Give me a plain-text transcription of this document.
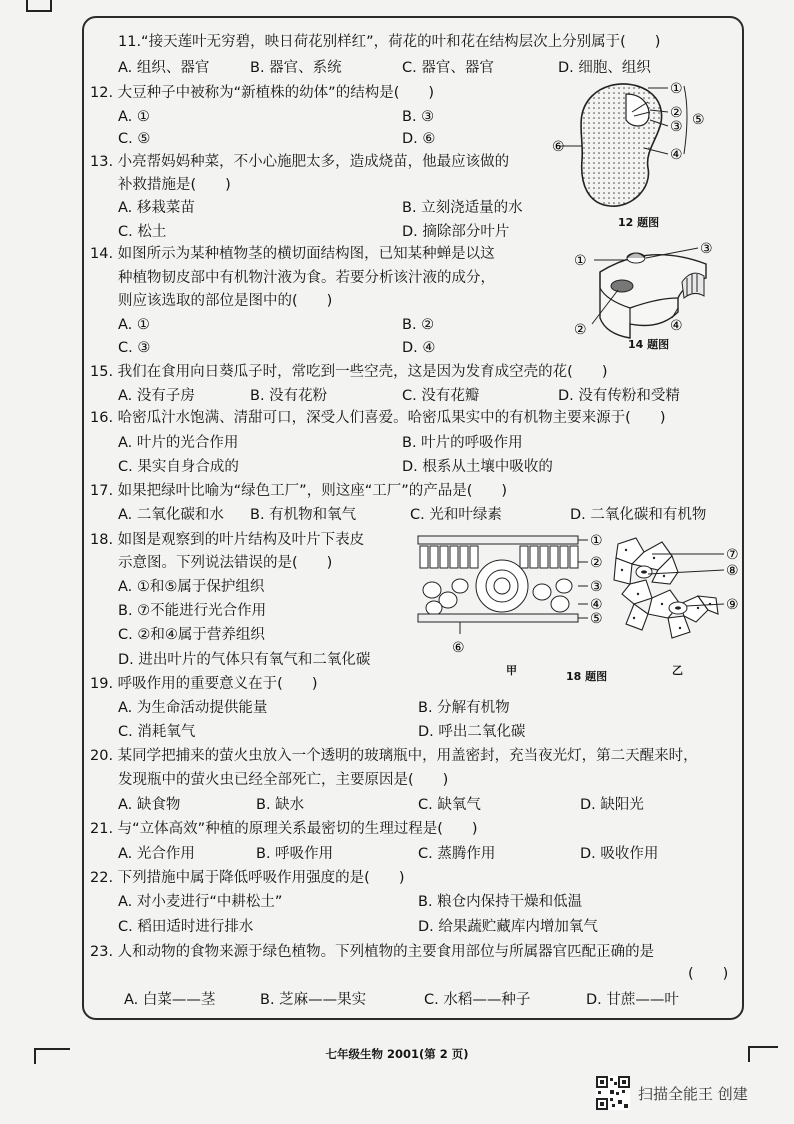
11.“接天莲叶无穷碧，映日荷花别样红”，荷花的叶和花在结构层次上分别属于(　　)
A. 组织、器官	B. 器官、系统	C. 器官、器官	D. 细胞、组织
12. 大豆种子中被称为“新植株的幼体”的结构是(　　)
A. ①	B. ③
C. ⑤	D. ⑥
13. 小亮帮妈妈种菜，不小心施肥太多，造成烧苗，他最应该做的
补救措施是(　　)
A. 移栽菜苗	B. 立刻浇适量的水
C. 松土	D. 摘除部分叶片
14. 如图所示为某种植物茎的横切面结构图，已知某种蝉是以这
种植物韧皮部中有机物汁液为食。若要分析该汁液的成分，
则应该选取的部位是图中的(　　)
A. ①	B. ②
C. ③	D. ④
15. 我们在食用向日葵瓜子时，常吃到一些空壳，这是因为发育成空壳的花(　　)
A. 没有子房	B. 没有花粉	C. 没有花瓣	D. 没有传粉和受精
16. 哈密瓜汁水饱满、清甜可口，深受人们喜爱。哈密瓜果实中的有机物主要来源于(　　)
A. 叶片的光合作用	B. 叶片的呼吸作用
C. 果实自身合成的	D. 根系从土壤中吸收的
17. 如果把绿叶比喻为“绿色工厂”，则这座“工厂”的产品是(　　)
A. 二氧化碳和水 B. 有机物和氧气	C. 光和叶绿素	D. 二氧化碳和有机物
18. 如图是观察到的叶片结构及叶片下表皮
示意图。下列说法错误的是(　　)
A. ①和⑤属于保护组织
B. ⑦不能进行光合作用
C. ②和④属于营养组织
D. 进出叶片的气体只有氧气和二氧化碳
19. 呼吸作用的重要意义在于(　　)
A. 为生命活动提供能量	B. 分解有机物
C. 消耗氧气	D. 呼出二氧化碳
20. 某同学把捕来的萤火虫放入一个透明的玻璃瓶中，用盖密封，充当夜光灯，第二天醒来时，
发现瓶中的萤火虫已经全部死亡，主要原因是(　　)
A. 缺食物	B. 缺水	C. 缺氧气	D. 缺阳光
21. 与“立体高效”种植的原理关系最密切的生理过程是(　　)
A. 光合作用	B. 呼吸作用	C. 蒸腾作用	D. 吸收作用
22. 下列措施中属于降低呼吸作用强度的是(　　)
A. 对小麦进行“中耕松土”	B. 粮仓内保持干燥和低温
C. 稻田适时进行排水	D. 给果蔬贮藏库内增加氧气
23. 人和动物的食物来源于绿色植物。下列植物的主要食用部位与所属器官匹配正确的是
(　　)
A. 白菜——茎	B. 芝麻——果实	C. 水稻——种子	D. 甘蔗——叶
①
②
③
④
⑤
⑥
12 题图
①
②
③
④
14 题图
①
②
③
④
⑤
⑥
⑦
⑧
⑨
甲	18 题图	乙
七年级生物 2001(第 2 页)
扫描全能王 创建
